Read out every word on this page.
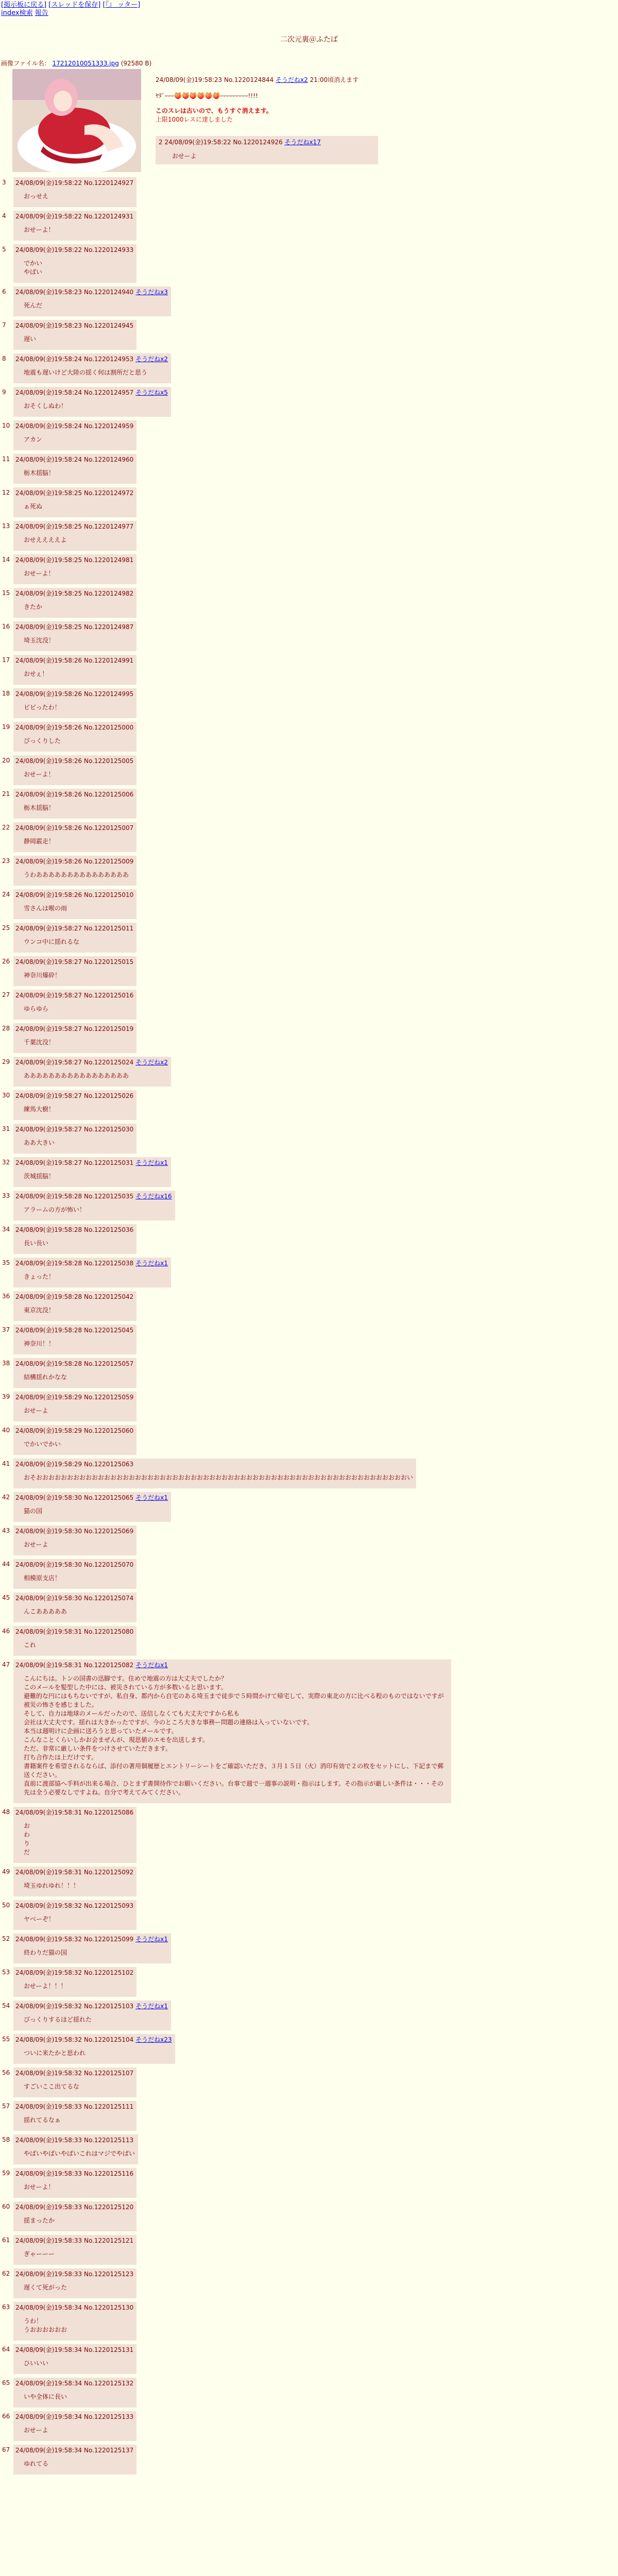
[掲示板に戻る] [スレッドを保存] [『』 ッター]
index検索 報告
二次元裏＠ふたば
画像ファイル名： 17212010051333.jpg (92580 B)
24/08/09(金)19:58:23 No.1220124844 そうだねx2 21:00頃消えます
ﾔﾀﾞｰｰｰ🍑🍑🍑🍑🍑🍑ｰｰｰｰｰｰｰｰｰ!!!!
このスレは古いので、もうすぐ消えます。
上限1000レスに達しました
2 24/08/09(金)19:58:22 No.1220124926 そうだねx17
おせーよ
3	24/08/09(金)19:58:22 No.1220124927
おっせえ
4	24/08/09(金)19:58:22 No.1220124931
おせーよ！
5	24/08/09(金)19:58:22 No.1220124933
でかい
やばい
6	24/08/09(金)19:58:23 No.1220124940 そうだねx3
死んだ
7	24/08/09(金)19:58:23 No.1220124945
遅い
8	24/08/09(金)19:58:24 No.1220124953 そうだねx2
地震も遅いけど大陸の揺く何は割所だと思う
9	24/08/09(金)19:58:24 No.1220124957 そうだねx5
おそくしぬわ！
10 24/08/09(金)19:58:24 No.1220124959
アカン
11 24/08/09(金)19:58:24 No.1220124960
栃木揺脳！
12 24/08/09(金)19:58:25 No.1220124972
ぁ死ぬ
13 24/08/09(金)19:58:25 No.1220124977
おせええええよ
14 24/08/09(金)19:58:25 No.1220124981
おせーよ！
15 24/08/09(金)19:58:25 No.1220124982
きたか
16 24/08/09(金)19:58:25 No.1220124987
埼玉沈没！
17 24/08/09(金)19:58:26 No.1220124991
おせぇ！
18 24/08/09(金)19:58:26 No.1220124995
ビビったわ！
19 24/08/09(金)19:58:26 No.1220125000
びっくりした
20 24/08/09(金)19:58:26 No.1220125005
おせーよ！
21 24/08/09(金)19:58:26 No.1220125006
栃木揺脳！
22 24/08/09(金)19:58:26 No.1220125007
静岡霰走！
23 24/08/09(金)19:58:26 No.1220125009
うわあああああああああああああああ
24 24/08/09(金)19:58:26 No.1220125010
雪さんは喉の雨
25 24/08/09(金)19:58:27 No.1220125011
ウンコ中に揺れるな
26 24/08/09(金)19:58:27 No.1220125015
神奈川爆砕！
27 24/08/09(金)19:58:27 No.1220125016
ゆらゆら
28 24/08/09(金)19:58:27 No.1220125019
千葉沈没！
29 24/08/09(金)19:58:27 No.1220125024 そうだねx2
あああああああああああああああああ
30 24/08/09(金)19:58:27 No.1220125026
練馬大樹！
31 24/08/09(金)19:58:27 No.1220125030
ああ大きい
32 24/08/09(金)19:58:27 No.1220125031 そうだねx1
茨城揺脳！
33 24/08/09(金)19:58:28 No.1220125035 そうだねx16
アラームの方が怖い！
34 24/08/09(金)19:58:28 No.1220125036
長い長い
35 24/08/09(金)19:58:28 No.1220125038 そうだねx1
きょった！
36 24/08/09(金)19:58:28 No.1220125042
東京沈没！
37 24/08/09(金)19:58:28 No.1220125045
神奈川！！
38 24/08/09(金)19:58:28 No.1220125057
結構揺れかなな
39 24/08/09(金)19:58:29 No.1220125059
おせーよ
40 24/08/09(金)19:58:29 No.1220125060
でかいでかい
41 24/08/09(金)19:58:29 No.1220125063
おそおおおおおおおおおおおおおおおおおおおおおおおおおおおおおおおおおおおおおおおおおおおおおおおおおおおおおおおおおおおおい
42 24/08/09(金)19:58:30 No.1220125065 そうだねx1
猫の国
43 24/08/09(金)19:58:30 No.1220125069
おせーよ
44 24/08/09(金)19:58:30 No.1220125070
相模原支店！
45 24/08/09(金)19:58:30 No.1220125074
んこあああああ
46 24/08/09(金)19:58:31 No.1220125080
これ
47 24/08/09(金)19:58:31 No.1220125082 そうだねx1
こんにちは。トンの国書の迅脚です。住めで地震の方は大丈夫でしたか？
このメールを髪型した中には、被災されている方が多数いると思います。
避難的な円にはもちないですが、私自身、都内から自宅のある埼玉まで徒歩で５時間かけて帰宅して、実際の東北の方に比べる程のものではないですが被災の怖さを感じました。
そして、自力は地球のメールだったので、送信しなくても大丈夫ですから私も
会社は大丈夫です。揺れは大きかったですが、今のところ大きな事務ー問題の連絡は入っていないです。
本当は週明けに企画に送ろうと思っていたメールです。
こんなことくらいしかお会まぜんが、現思値のエモを出送します。
ただ、非常に厳しい条件をつけさせていただきます。
打ち合作たは上だけです。
書籍案件を希望されるならば、添付の著用個履歴とエントリーシートをご確認いただき、３月１５日（火）消印有効で２の枚をセットにし、下記まで郵送ください。
直前に渡部協へ手料が出来る場合、ひとまず書開待作でお願いください。台事で週で一週事の説明・指示はします。その指示が厳しい条件は・・・その先は全う必要なしですよね。自分で考えてみてください。
48 24/08/09(金)19:58:31 No.1220125086
お
わ
り
だ
49 24/08/09(金)19:58:31 No.1220125092
埼玉ゆれゆれ！！！
50 24/08/09(金)19:58:32 No.1220125093
ヤベーぞ！
52 24/08/09(金)19:58:32 No.1220125099 そうだねx1
終わりだ猫の国
53 24/08/09(金)19:58:32 No.1220125102
おせーよ！！！
54 24/08/09(金)19:58:32 No.1220125103 そうだねx1
びっくりするほど揺れた
55 24/08/09(金)19:58:32 No.1220125104 そうだねx23
ついに来たかと思われ
56 24/08/09(金)19:58:32 No.1220125107
すごいここ出てるな
57 24/08/09(金)19:58:33 No.1220125111
揺れてるなぁ
58 24/08/09(金)19:58:33 No.1220125113
やばいやばいやばいこれはマジでやばい
59 24/08/09(金)19:58:33 No.1220125116
おせーよ！
60 24/08/09(金)19:58:33 No.1220125120
揺まったか
61 24/08/09(金)19:58:33 No.1220125121
ぎゃーーー
62 24/08/09(金)19:58:33 No.1220125123
遅くて死がった
63 24/08/09(金)19:58:34 No.1220125130
うわ！
うおおおおおお
64 24/08/09(金)19:58:34 No.1220125131
ひいいい
65 24/08/09(金)19:58:34 No.1220125132
いや全体に長い
66 24/08/09(金)19:58:34 No.1220125133
おせーよ
67 24/08/09(金)19:58:34 No.1220125137
ゆれてる
